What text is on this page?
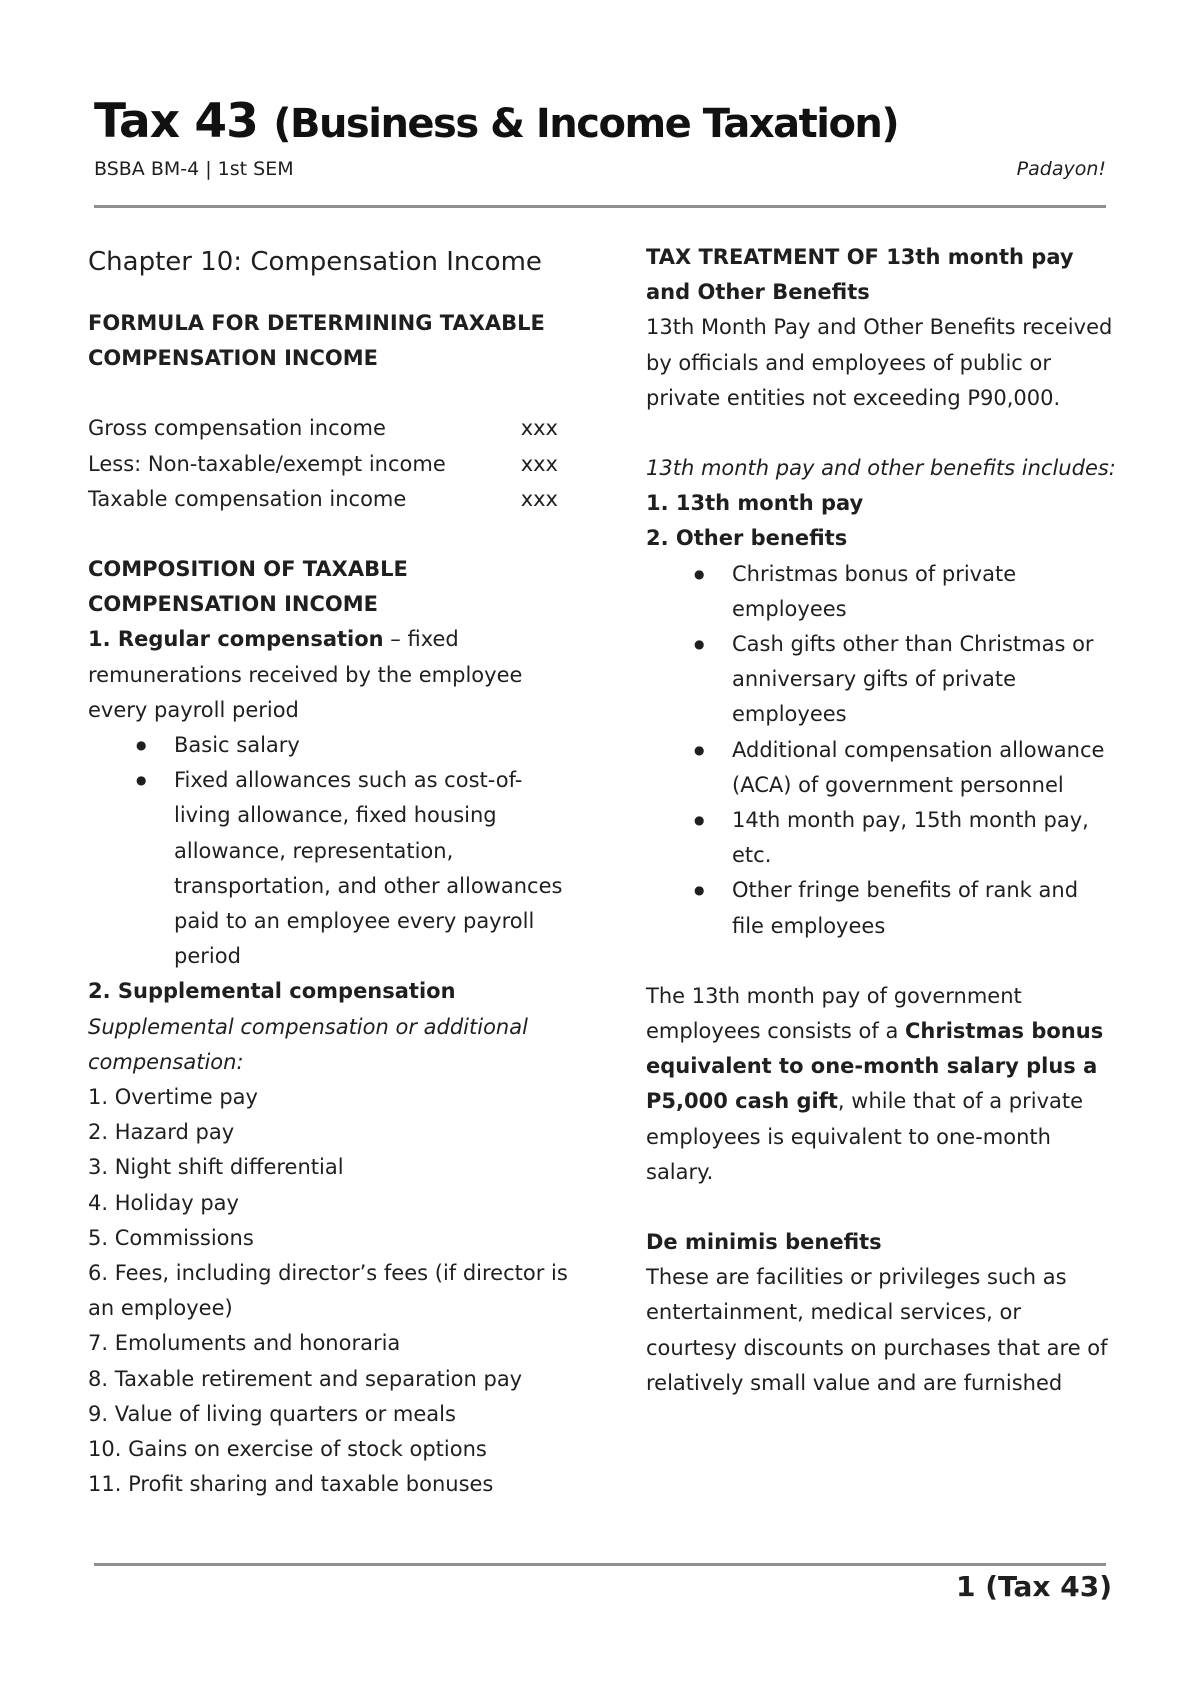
Tax 43 (Business & Income Taxation)
BSBA BM-4 | 1st SEM	Padayon!
Chapter 10: Compensation Income
FORMULA FOR DETERMINING TAXABLE
COMPENSATION INCOME
Gross compensation income	xxx
Less: Non-taxable/exempt income	xxx
Taxable compensation income	xxx
COMPOSITION OF TAXABLE
COMPENSATION INCOME

1. Regular compensation – fixed remunerations received by the employee every payroll period

● Basic salary
● Fixed allowances such as cost-of-living allowance, fixed housing allowance, representation, transportation, and other allowances paid to an employee every payroll period
2. Supplemental compensation
Supplemental compensation or additional compensation:
1. Overtime pay
2. Hazard pay
3. Night shift differential
4. Holiday pay
5. Commissions
6. Fees, including director’s fees (if director is an employee)
7. Emoluments and honoraria
8. Taxable retirement and separation pay
9. Value of living quarters or meals
10. Gains on exercise of stock options
11. Profit sharing and taxable bonuses
TAX TREATMENT OF 13th month pay and Other Benefits

13th Month Pay and Other Benefits received by officials and employees of public or private entities not exceeding P90,000.

13th month pay and other benefits includes:
1. 13th month pay
2. Other benefits
● Christmas bonus of private employees
● Cash gifts other than Christmas or anniversary gifts of private employees
● Additional compensation allowance (ACA) of government personnel
● 14th month pay, 15th month pay, etc.
● Other fringe benefits of rank and file employees

The 13th month pay of government employees consists of a Christmas bonus equivalent to one-month salary plus a P5,000 cash gift, while that of a private employees is equivalent to one-month salary.

De minimis benefits

These are facilities or privileges such as entertainment, medical services, or courtesy discounts on purchases that are of relatively small value and are furnished

1 (Tax 43)
